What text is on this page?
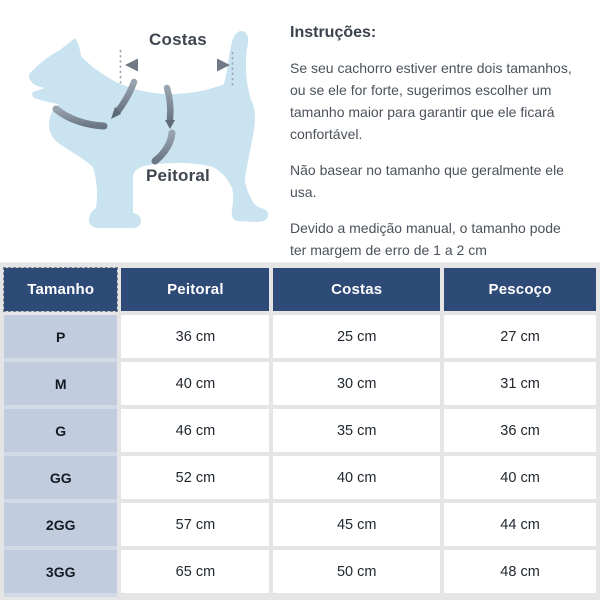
Costas
Peitoral
Instruções:

Se seu cachorro estiver entre dois tamanhos,
ou se ele for forte, sugerimos escolher um
tamanho maior para garantir que ele ficará
confortável.

Não basear no tamanho que geralmente ele
usa.

Devido a medição manual, o tamanho pode
ter margem de erro de 1 a 2 cm

Tamanho	Peitoral	Costas	Pescoço
P	36 cm	25 cm	27 cm
M	40 cm	30 cm	31 cm
G	46 cm	35 cm	36 cm
GG	52 cm	40 cm	40 cm
2GG	57 cm	45 cm	44 cm
3GG	65 cm	50 cm	48 cm
